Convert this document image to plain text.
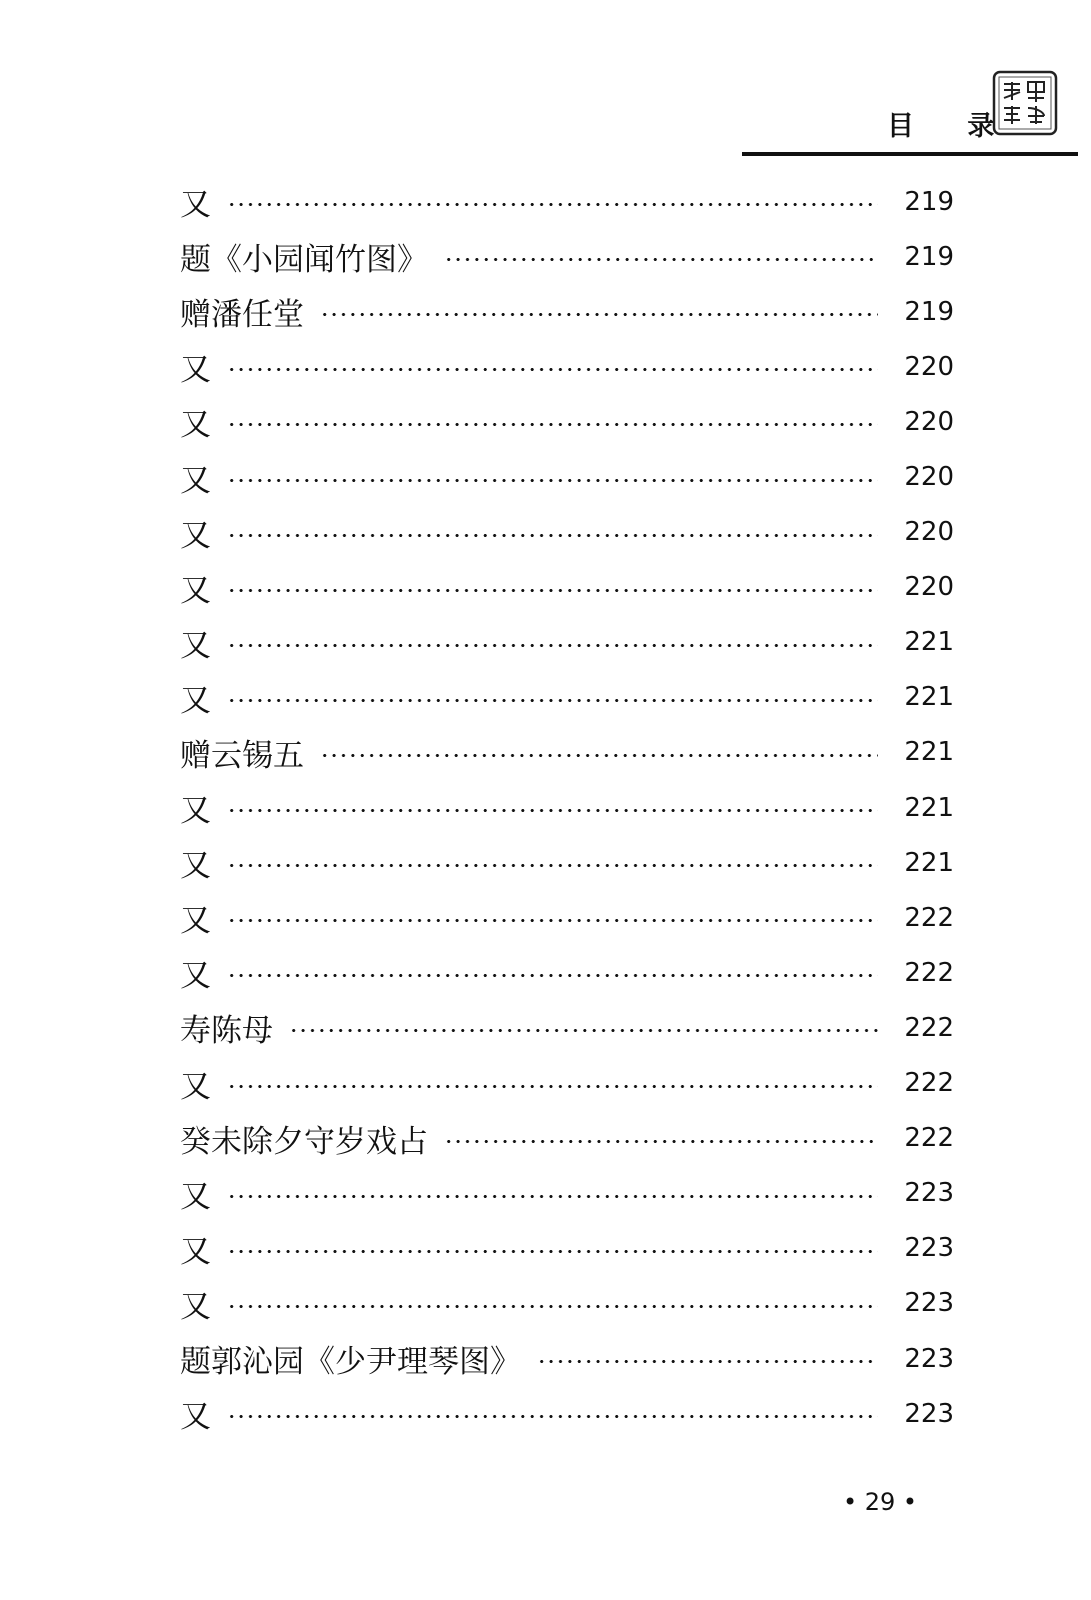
目 录
又	219
题《小园闻竹图》	219
赠潘任堂	219
又	220
又	220
又	220
又	220
又	220
又	221
又	221
赠云锡五	221
又	221
又	221
又	222
又	222
寿陈母	222
又	222
癸未除夕守岁戏占	222
又	223
又	223
又	223
题郭沁园《少尹理琴图》	223
又	223
• 29 •
